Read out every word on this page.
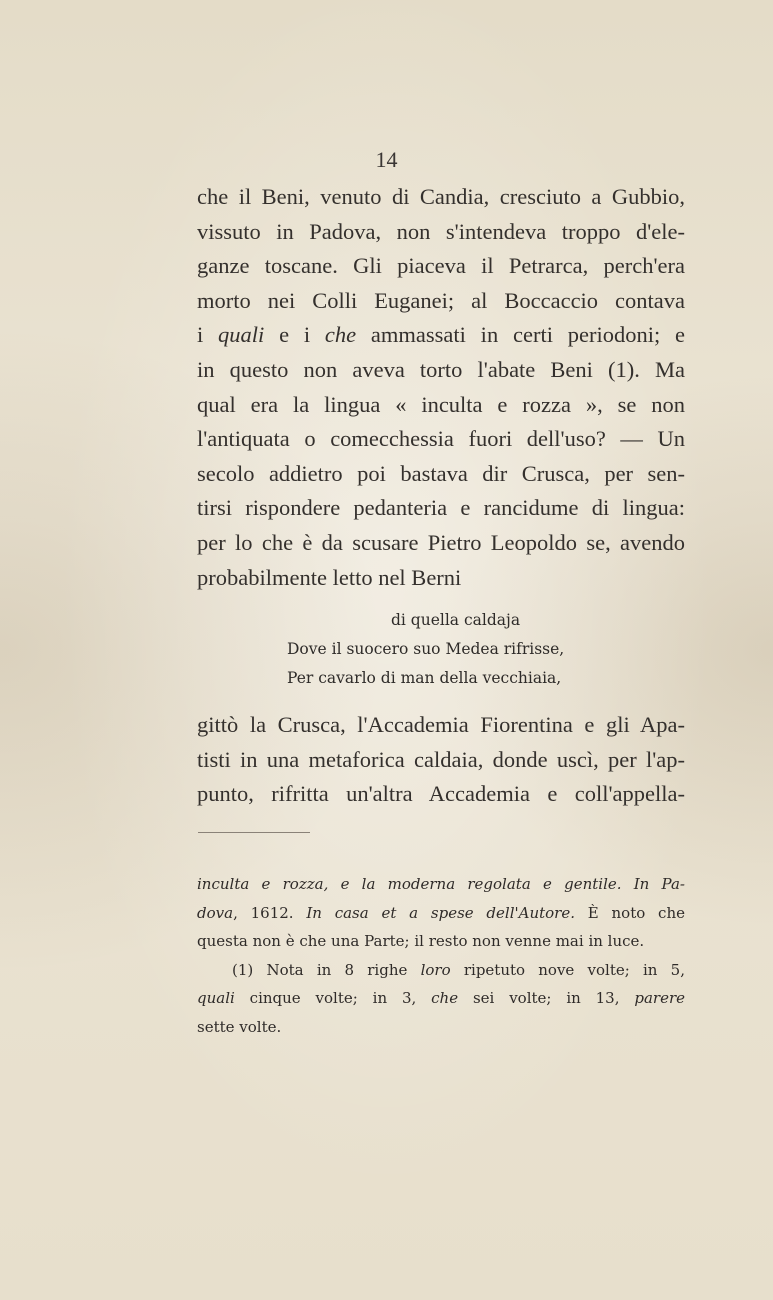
14
che il Beni, venuto di Candia, cresciuto a Gubbio,
vissuto in Padova, non s'intendeva troppo d'ele-
ganze toscane. Gli piaceva il Petrarca, perch'era
morto nei Colli Euganei; al Boccaccio contava
i quali e i che ammassati in certi periodoni; e
in questo non aveva torto l'abate Beni (1). Ma
qual era la lingua « inculta e rozza », se non
l'antiquata o comecchessia fuori dell'uso? — Un
secolo addietro poi bastava dir Crusca, per sen-
tirsi rispondere pedanteria e rancidume di lingua:
per lo che è da scusare Pietro Leopoldo se, avendo
probabilmente letto nel Berni
di quella caldaja
Dove il suocero suo Medea rifrisse,
Per cavarlo di man della vecchiaia,
gittò la Crusca, l'Accademia Fiorentina e gli Apa-
tisti in una metaforica caldaia, donde uscì, per l'ap-
punto, rifritta un'altra Accademia e coll'appella-
inculta e rozza, e la moderna regolata e gentile. In Pa-
dova, 1612. In casa et a spese dell'Autore. È noto che
questa non è che una Parte; il resto non venne mai in luce.
(1) Nota in 8 righe loro ripetuto nove volte; in 5,
quali cinque volte; in 3, che sei volte; in 13, parere
sette volte.
